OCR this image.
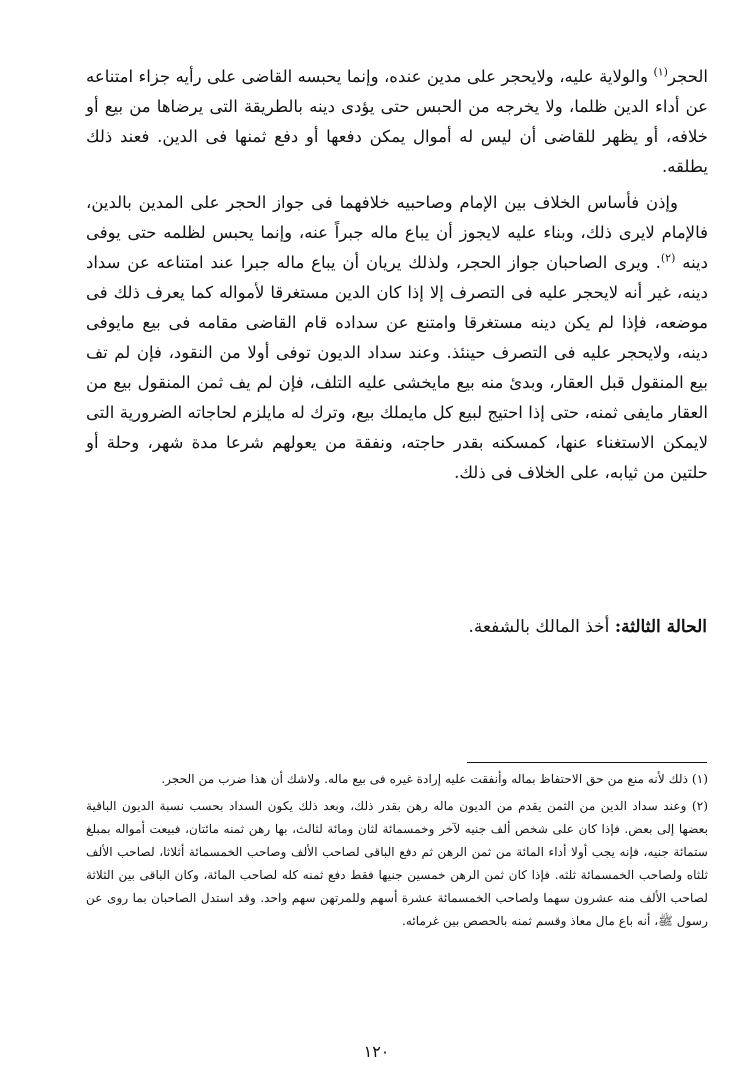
الحجر$^{(١)}$ والولاية عليه، ولايحجر على مدين عنده، وإنما يحبسه القاضى على رأيه جزاء امتناعه عن أداء الدين ظلما، ولا يخرجه من الحبس حتى يؤدى دينه بالطريقة التى يرضاها من بيع أو خلافه، أو يظهر للقاضى أن ليس له أموال يمكن دفعها أو دفع ثمنها فى الدين. فعند ذلك يطلقه.

وإذن فأساس الخلاف بين الإمام وصاحبيه خلافهما فى جواز الحجر على المدين بالدين، فالإمام لايرى ذلك، وبناء عليه لايجوز أن يباع ماله جبراً عنه، وإنما يحبس لظلمه حتى يوفى دينه $^{(٢)}$. ويرى الصاحبان جواز الحجر، ولذلك يريان أن يباع ماله جبرا عند امتناعه عن سداد دينه، غير أنه لايحجر عليه فى التصرف إلا إذا كان الدين مستغرقا لأمواله كما يعرف ذلك فى موضعه، فإذا لم يكن دينه مستغرقا وامتنع عن سداده قام القاضى مقامه فى بيع مايوفى دينه، ولايحجر عليه فى التصرف حينئذ. وعند سداد الديون توفى أولا من النقود، فإن لم تف بيع المنقول قبل العقار، وبدئ منه بيع مايخشى عليه التلف، فإن لم يف ثمن المنقول بيع من العقار مايفى ثمنه، حتى إذا احتيج لبيع كل مايملك بيع، وترك له مايلزم لحاجاته الضرورية التى لايمكن الاستغناء عنها، كمسكنه بقدر حاجته، ونفقة من يعولهم شرعا مدة شهر، وحلة أو حلتين من ثيابه، على الخلاف فى ذلك.

الحالة الثالثة: أخذ المالك بالشفعة.

(١) ذلك لأنه منع من حق الاحتفاظ بماله وأنفقت عليه إرادة غيره فى بيع ماله. ولاشك أن هذا ضرب من الحجر.

(٢) وعند سداد الدين من الثمن يقدم من الديون ماله رهن بقدر ذلك، وبعد ذلك يكون السداد بحسب نسبة الديون الباقية بعضها إلى بعض. فإذا كان على شخص ألف جنيه لآخر وخمسمائة لثان ومائة لثالث، بها رهن ثمنه مائتان، فبيعت أمواله بمبلغ ستمائة جنيه، فإنه يجب أولا أداء المائة من ثمن الرهن ثم دفع الباقى لصاحب الألف وصاحب الخمسمائة أثلاثا، لصاحب الألف ثلثاه ولصاحب الخمسمائة ثلثه. فإذا كان ثمن الرهن خمسين جنيها فقط دفع ثمنه كله لصاحب المائة، وكان الباقى بين الثلاثة لصاحب الألف منه عشرون سهما ولصاحب الخمسمائة عشرة أسهم وللمرتهن سهم واحد. وقد استدل الصاحبان بما روى عن رسول ﷺ، أنه باع مال معاذ وقسم ثمنه بالحصص بين غرمائه.

١٢٠
